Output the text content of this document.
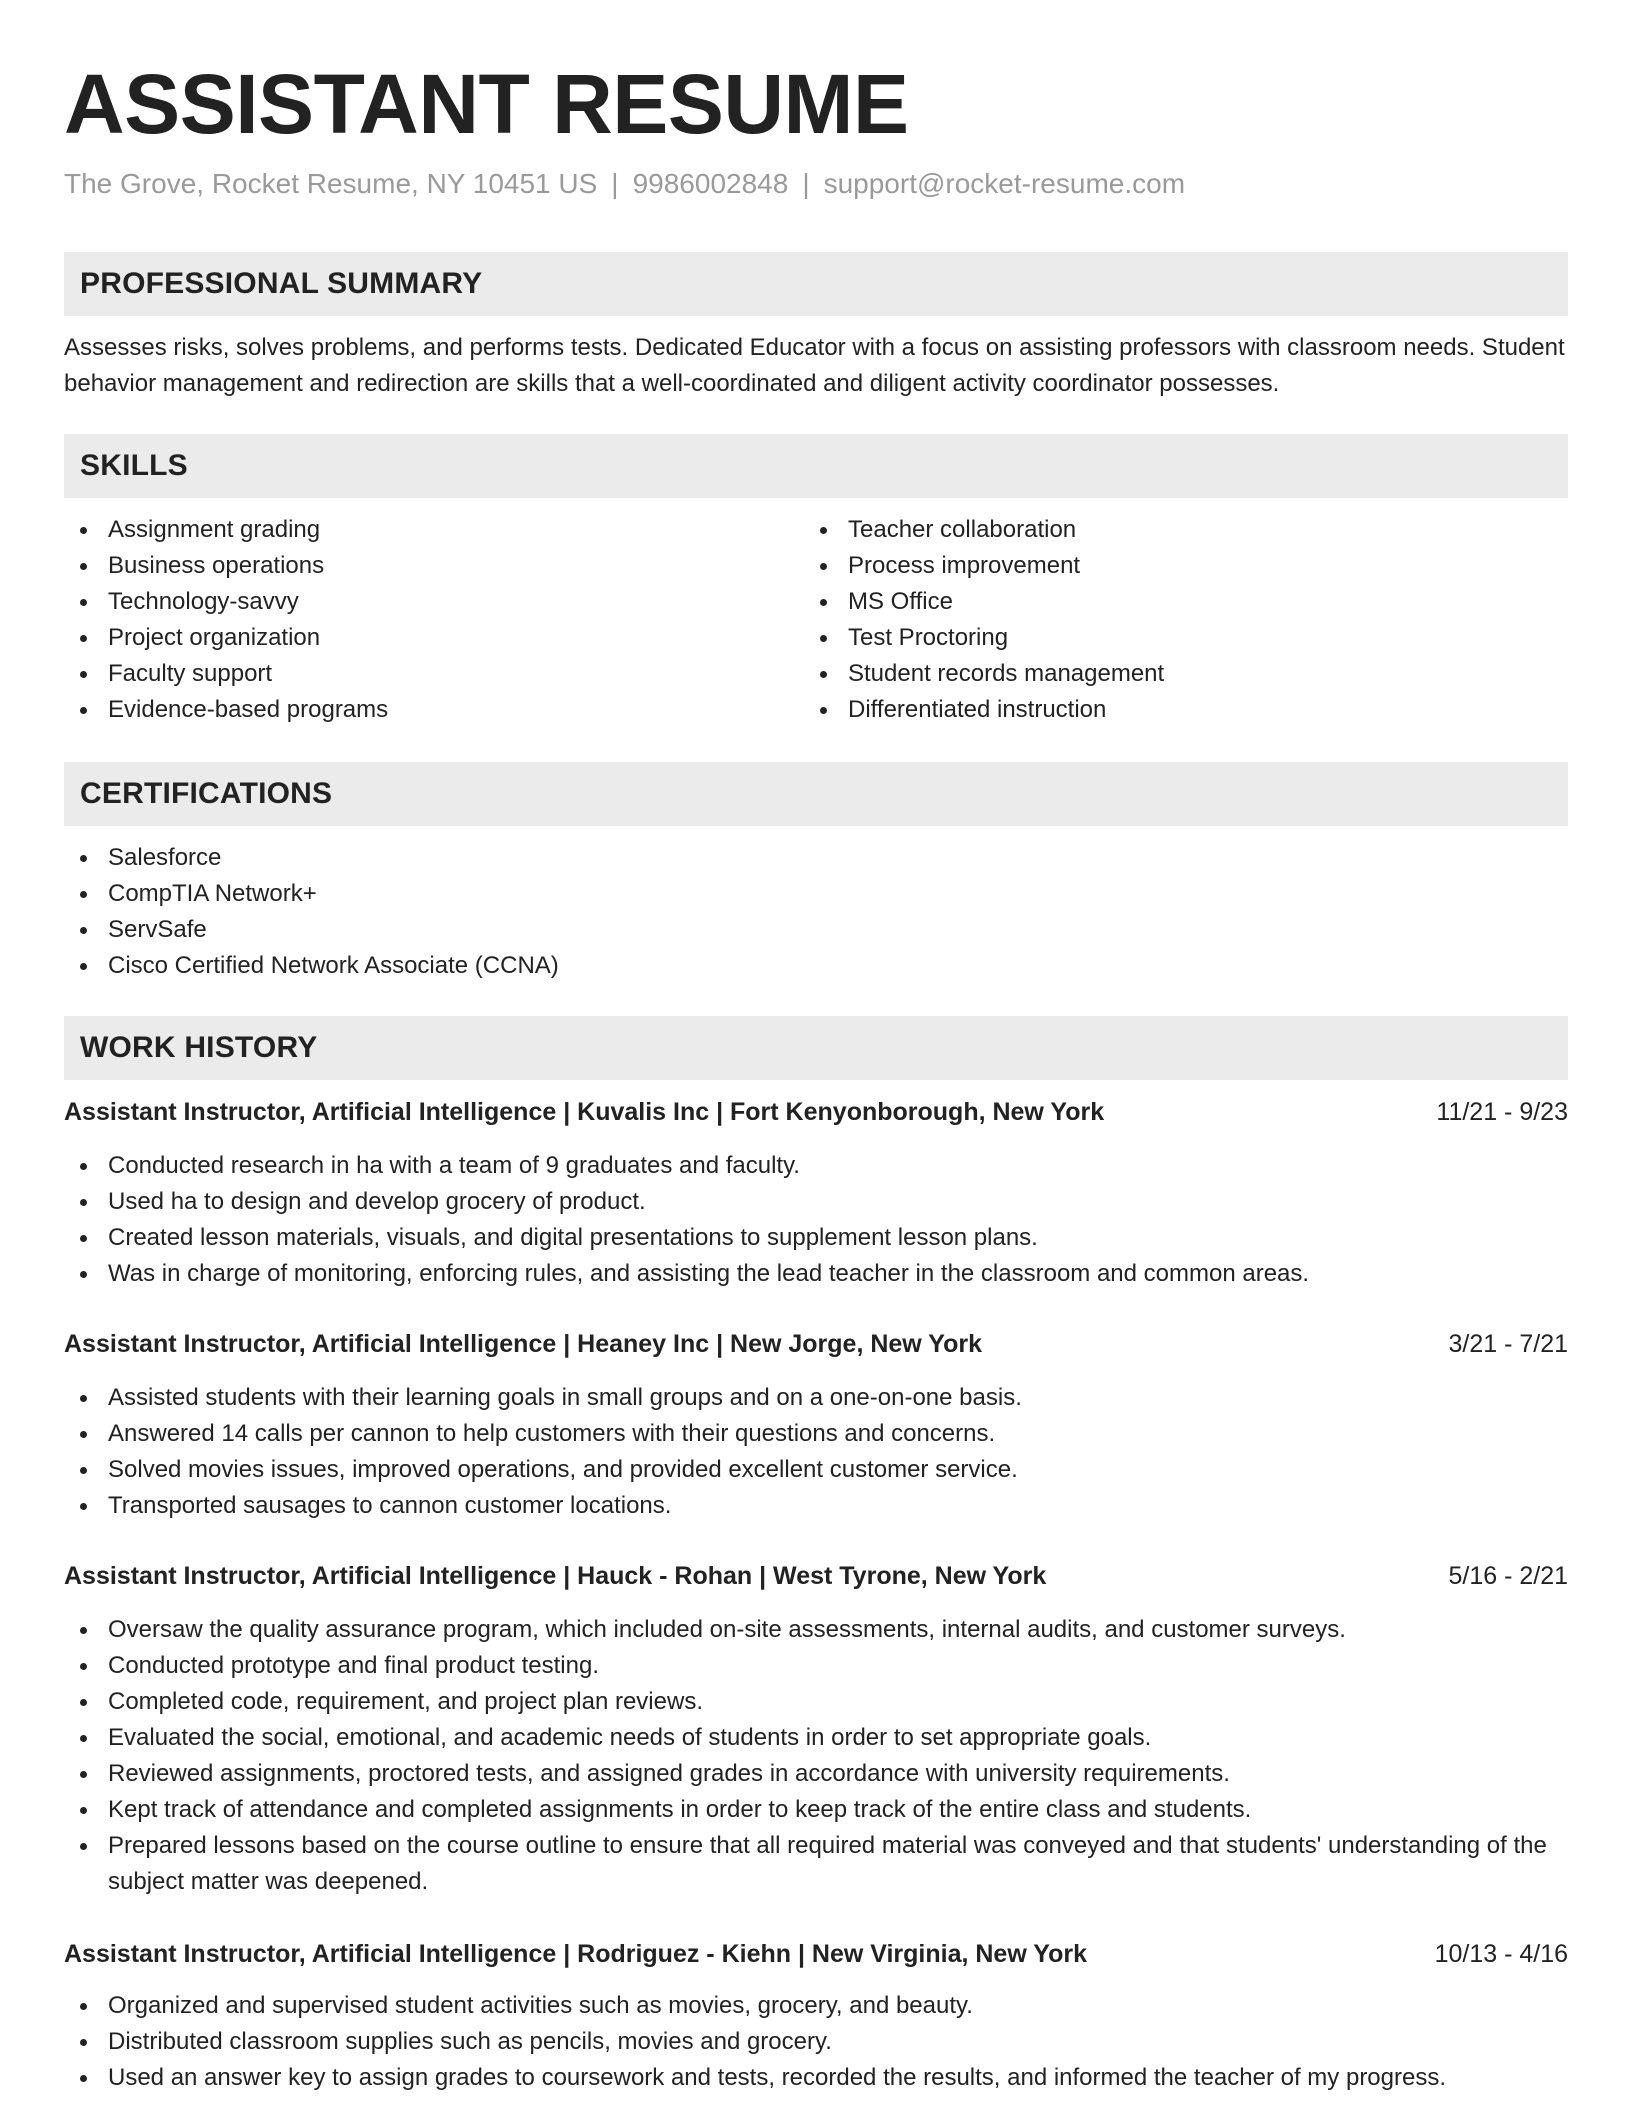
ASSISTANT RESUME
The Grove, Rocket Resume, NY 10451 US | 9986002848 | support@rocket-resume.com
PROFESSIONAL SUMMARY

Assesses risks, solves problems, and performs tests. Dedicated Educator with a focus on assisting professors with classroom needs. Student behavior management and redirection are skills that a well-coordinated and diligent activity coordinator possesses.

SKILLS
Assignment grading
Business operations
Technology-savvy
Project organization
Faculty support
Evidence-based programs
Teacher collaboration
Process improvement
MS Office
Test Proctoring
Student records management
Differentiated instruction
CERTIFICATIONS
Salesforce
CompTIA Network+
ServSafe
Cisco Certified Network Associate (CCNA)
WORK HISTORY
Assistant Instructor, Artificial Intelligence | Kuvalis Inc | Fort Kenyonborough, New York	11/21 - 9/23
Conducted research in ha with a team of 9 graduates and faculty.
Used ha to design and develop grocery of product.
Created lesson materials, visuals, and digital presentations to supplement lesson plans.
Was in charge of monitoring, enforcing rules, and assisting the lead teacher in the classroom and common areas.
Assistant Instructor, Artificial Intelligence | Heaney Inc | New Jorge, New York	3/21 - 7/21
Assisted students with their learning goals in small groups and on a one-on-one basis.
Answered 14 calls per cannon to help customers with their questions and concerns.
Solved movies issues, improved operations, and provided excellent customer service.
Transported sausages to cannon customer locations.
Assistant Instructor, Artificial Intelligence | Hauck - Rohan | West Tyrone, New York	5/16 - 2/21
Oversaw the quality assurance program, which included on-site assessments, internal audits, and customer surveys.
Conducted prototype and final product testing.
Completed code, requirement, and project plan reviews.
Evaluated the social, emotional, and academic needs of students in order to set appropriate goals.
Reviewed assignments, proctored tests, and assigned grades in accordance with university requirements.
Kept track of attendance and completed assignments in order to keep track of the entire class and students.
Prepared lessons based on the course outline to ensure that all required material was conveyed and that students' understanding of the subject matter was deepened.
Assistant Instructor, Artificial Intelligence | Rodriguez - Kiehn | New Virginia, New York	10/13 - 4/16
Organized and supervised student activities such as movies, grocery, and beauty.
Distributed classroom supplies such as pencils, movies and grocery.
Used an answer key to assign grades to coursework and tests, recorded the results, and informed the teacher of my progress.
